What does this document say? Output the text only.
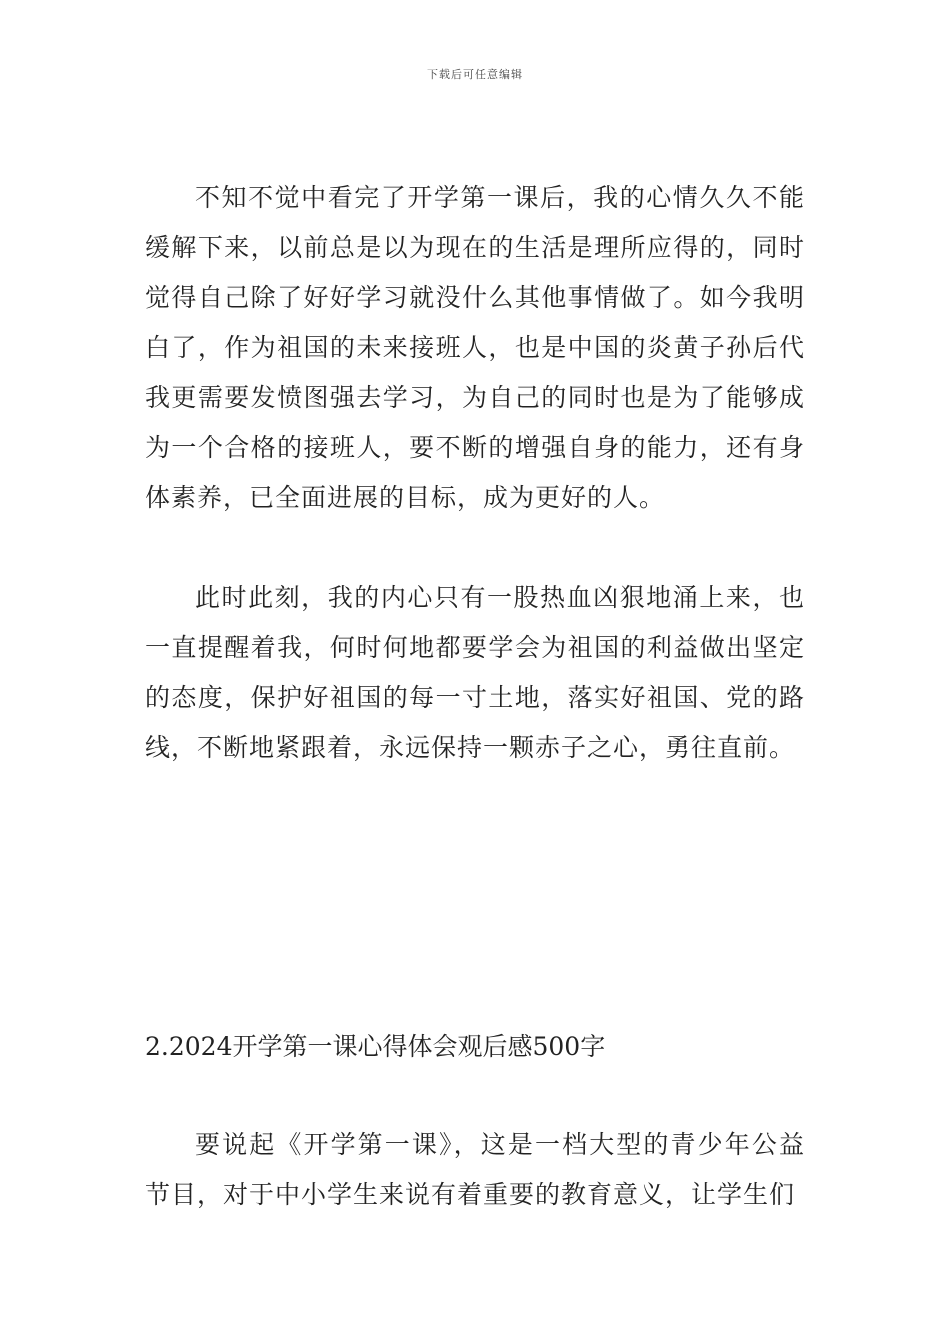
下载后可任意编辑

不知不觉中看完了开学第一课后，我的心情久久不能缓解下来，以前总是以为现在的生活是理所应得的，同时觉得自己除了好好学习就没什么其他事情做了。如今我明白了，作为祖国的未来接班人，也是中国的炎黄子孙后代我更需要发愤图强去学习，为自己的同时也是为了能够成为一个合格的接班人，要不断的增强自身的能力，还有身体素养，已全面进展的目标，成为更好的人。

此时此刻，我的内心只有一股热血凶狠地涌上来，也一直提醒着我，何时何地都要学会为祖国的利益做出坚定的态度，保护好祖国的每一寸土地，落实好祖国、党的路线，不断地紧跟着，永远保持一颗赤子之心，勇往直前。

2.2024开学第一课心得体会观后感500字

要说起《开学第一课》，这是一档大型的青少年公益节目，对于中小学生来说有着重要的教育意义，让学生们
